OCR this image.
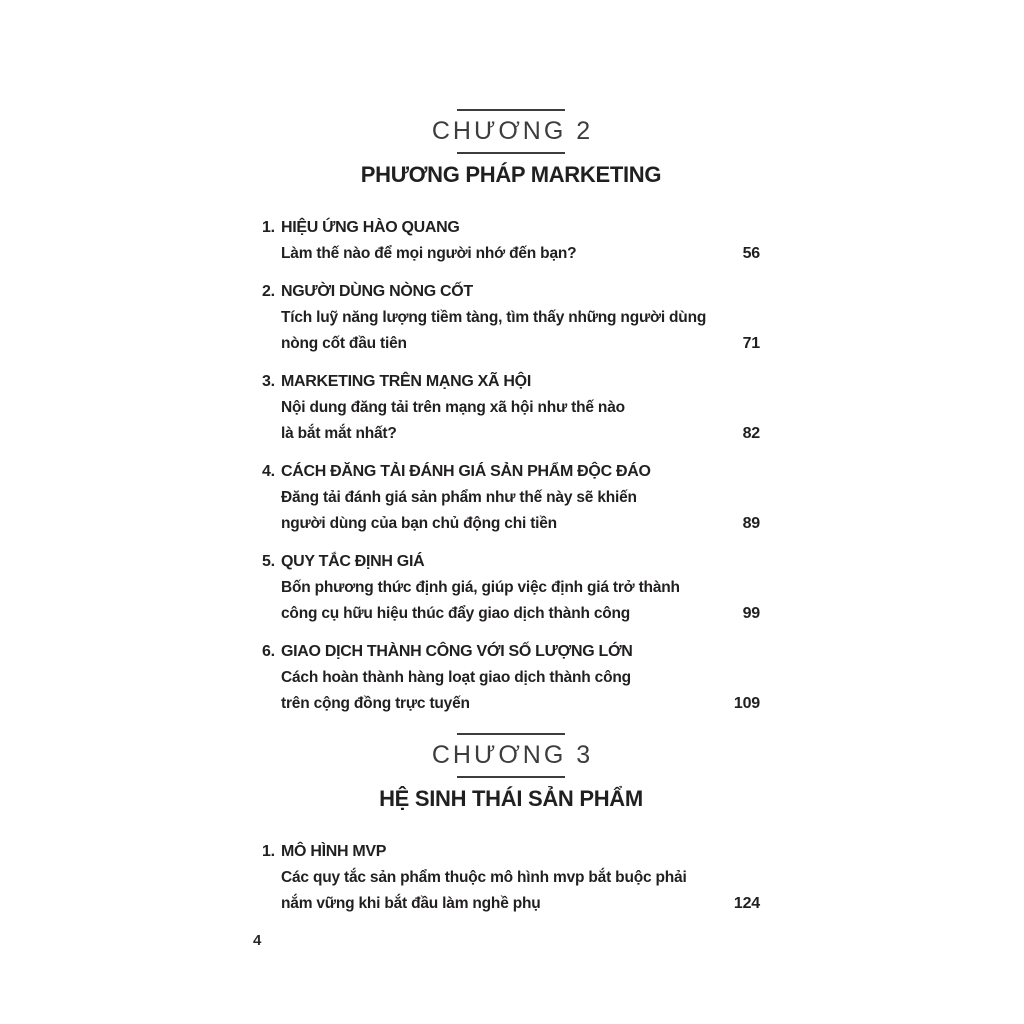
CHƯƠNG 2
PHƯƠNG PHÁP MARKETING
1. HIỆU ỨNG HÀO QUANG
Làm thế nào để mọi người nhớ đến bạn?	56
2. NGƯỜI DÙNG NÒNG CỐT
Tích luỹ năng lượng tiềm tàng, tìm thấy những người dùng
nòng cốt đầu tiên	71
3. MARKETING TRÊN MẠNG XÃ HỘI
Nội dung đăng tải trên mạng xã hội như thế nào
là bắt mắt nhất?	82
4. CÁCH ĐĂNG TẢI ĐÁNH GIÁ SẢN PHẨM ĐỘC ĐÁO
Đăng tải đánh giá sản phẩm như thế này sẽ khiến
người dùng của bạn chủ động chi tiền	89
5. QUY TẮC ĐỊNH GIÁ
Bốn phương thức định giá, giúp việc định giá trở thành
công cụ hữu hiệu thúc đẩy giao dịch thành công	99
6. GIAO DỊCH THÀNH CÔNG VỚI SỐ LƯỢNG LỚN
Cách hoàn thành hàng loạt giao dịch thành công
trên cộng đồng trực tuyến	109
CHƯƠNG 3
HỆ SINH THÁI SẢN PHẨM
1. MÔ HÌNH MVP
Các quy tắc sản phẩm thuộc mô hình mvp bắt buộc phải
nắm vững khi bắt đầu làm nghề phụ	124
4
